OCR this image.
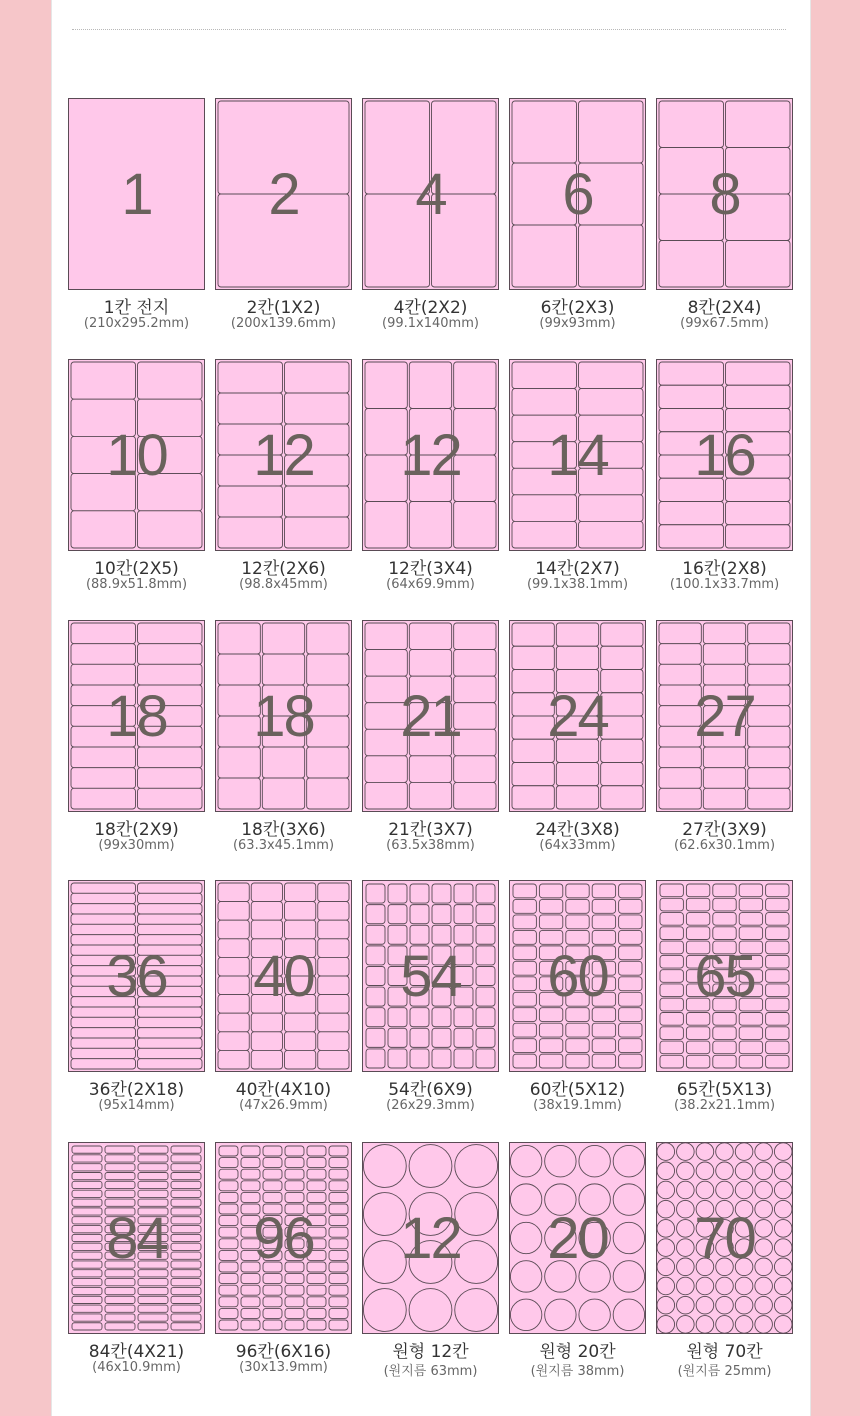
1
1칸 전지
(210x295.2mm)
2
2칸(1X2)
(200x139.6mm)
4
4칸(2X2)
(99.1x140mm)
6
6칸(2X3)
(99x93mm)
8
8칸(2X4)
(99x67.5mm)
10
10칸(2X5)
(88.9x51.8mm)
12
12칸(2X6)
(98.8x45mm)
12
12칸(3X4)
(64x69.9mm)
14
14칸(2X7)
(99.1x38.1mm)
16
16칸(2X8)
(100.1x33.7mm)
18
18칸(2X9)
(99x30mm)
18
18칸(3X6)
(63.3x45.1mm)
21
21칸(3X7)
(63.5x38mm)
24
24칸(3X8)
(64x33mm)
27
27칸(3X9)
(62.6x30.1mm)
36
36칸(2X18)
(95x14mm)
40
40칸(4X10)
(47x26.9mm)
54
54칸(6X9)
(26x29.3mm)
60
60칸(5X12)
(38x19.1mm)
65
65칸(5X13)
(38.2x21.1mm)
84
84칸(4X21)
(46x10.9mm)
96
96칸(6X16)
(30x13.9mm)
12
원형 12칸
(원지름 63mm)
20
원형 20칸
(원지름 38mm)
70
원형 70칸
(원지름 25mm)
